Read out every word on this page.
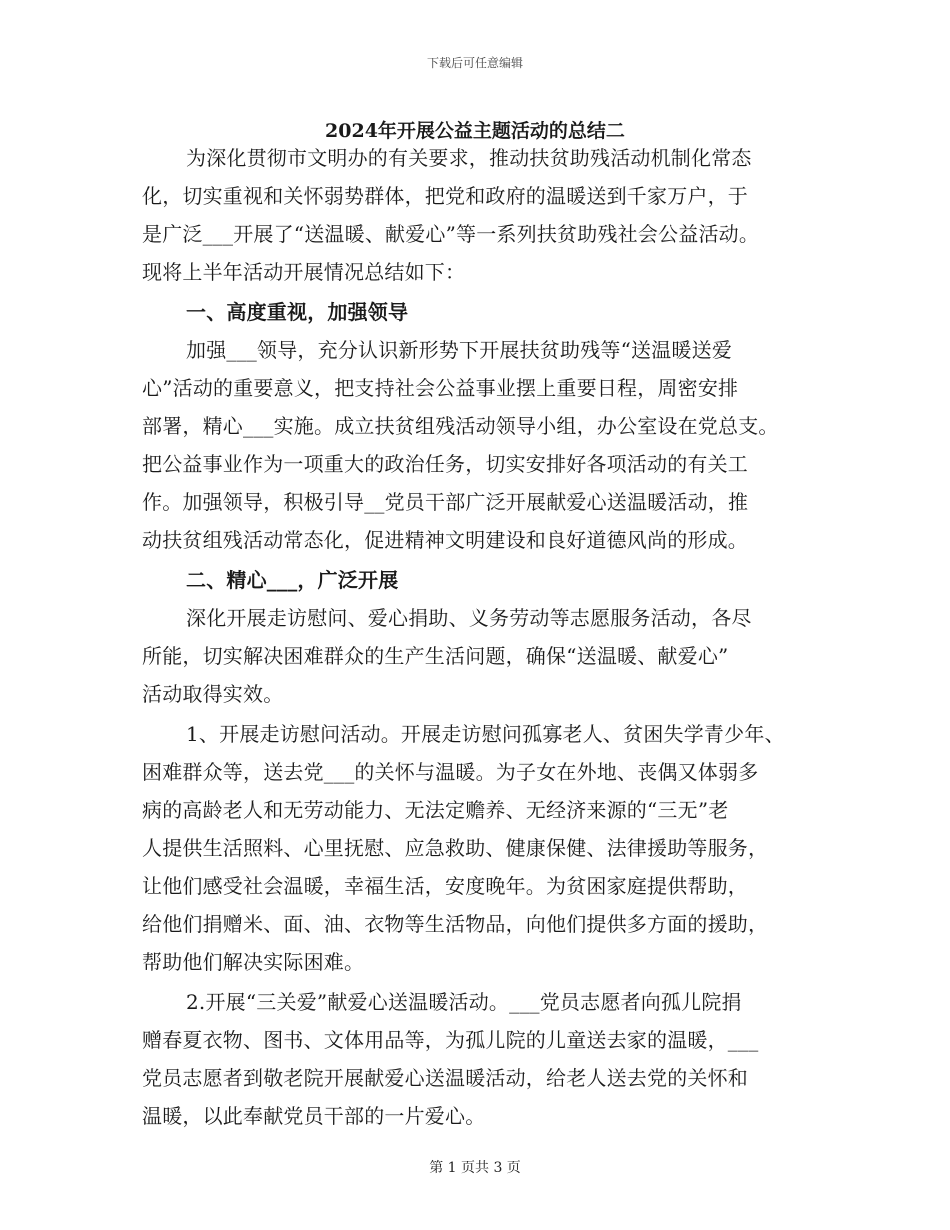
下载后可任意编辑
2024年开展公益主题活动的总结二
为深化贯彻市文明办的有关要求，推动扶贫助残活动机制化常态
化，切实重视和关怀弱势群体，把党和政府的温暖送到千家万户，于
是广泛___开展了“送温暖、献爱心”等一系列扶贫助残社会公益活动。
现将上半年活动开展情况总结如下：
一、高度重视，加强领导
加强___领导，充分认识新形势下开展扶贫助残等“送温暖送爱
心”活动的重要意义，把支持社会公益事业摆上重要日程，周密安排
部署，精心___实施。成立扶贫组残活动领导小组，办公室设在党总支。
把公益事业作为一项重大的政治任务，切实安排好各项活动的有关工
作。加强领导，积极引导__党员干部广泛开展献爱心送温暖活动，推
动扶贫组残活动常态化，促进精神文明建设和良好道德风尚的形成。
二、精心___，广泛开展
深化开展走访慰问、爱心捐助、义务劳动等志愿服务活动，各尽
所能，切实解决困难群众的生产生活问题，确保“送温暖、献爱心”
活动取得实效。
1、开展走访慰问活动。开展走访慰问孤寡老人、贫困失学青少年、
困难群众等，送去党___的关怀与温暖。为子女在外地、丧偶又体弱多
病的高龄老人和无劳动能力、无法定赡养、无经济来源的“三无”老
人提供生活照料、心里抚慰、应急救助、健康保健、法律援助等服务，
让他们感受社会温暖，幸福生活，安度晚年。为贫困家庭提供帮助，
给他们捐赠米、面、油、衣物等生活物品，向他们提供多方面的援助，
帮助他们解决实际困难。
2.开展“三关爱”献爱心送温暖活动。___党员志愿者向孤儿院捐
赠春夏衣物、图书、文体用品等，为孤儿院的儿童送去家的温暖，___
党员志愿者到敬老院开展献爱心送温暖活动，给老人送去党的关怀和
温暖，以此奉献党员干部的一片爱心。
第 1 页共 3 页
